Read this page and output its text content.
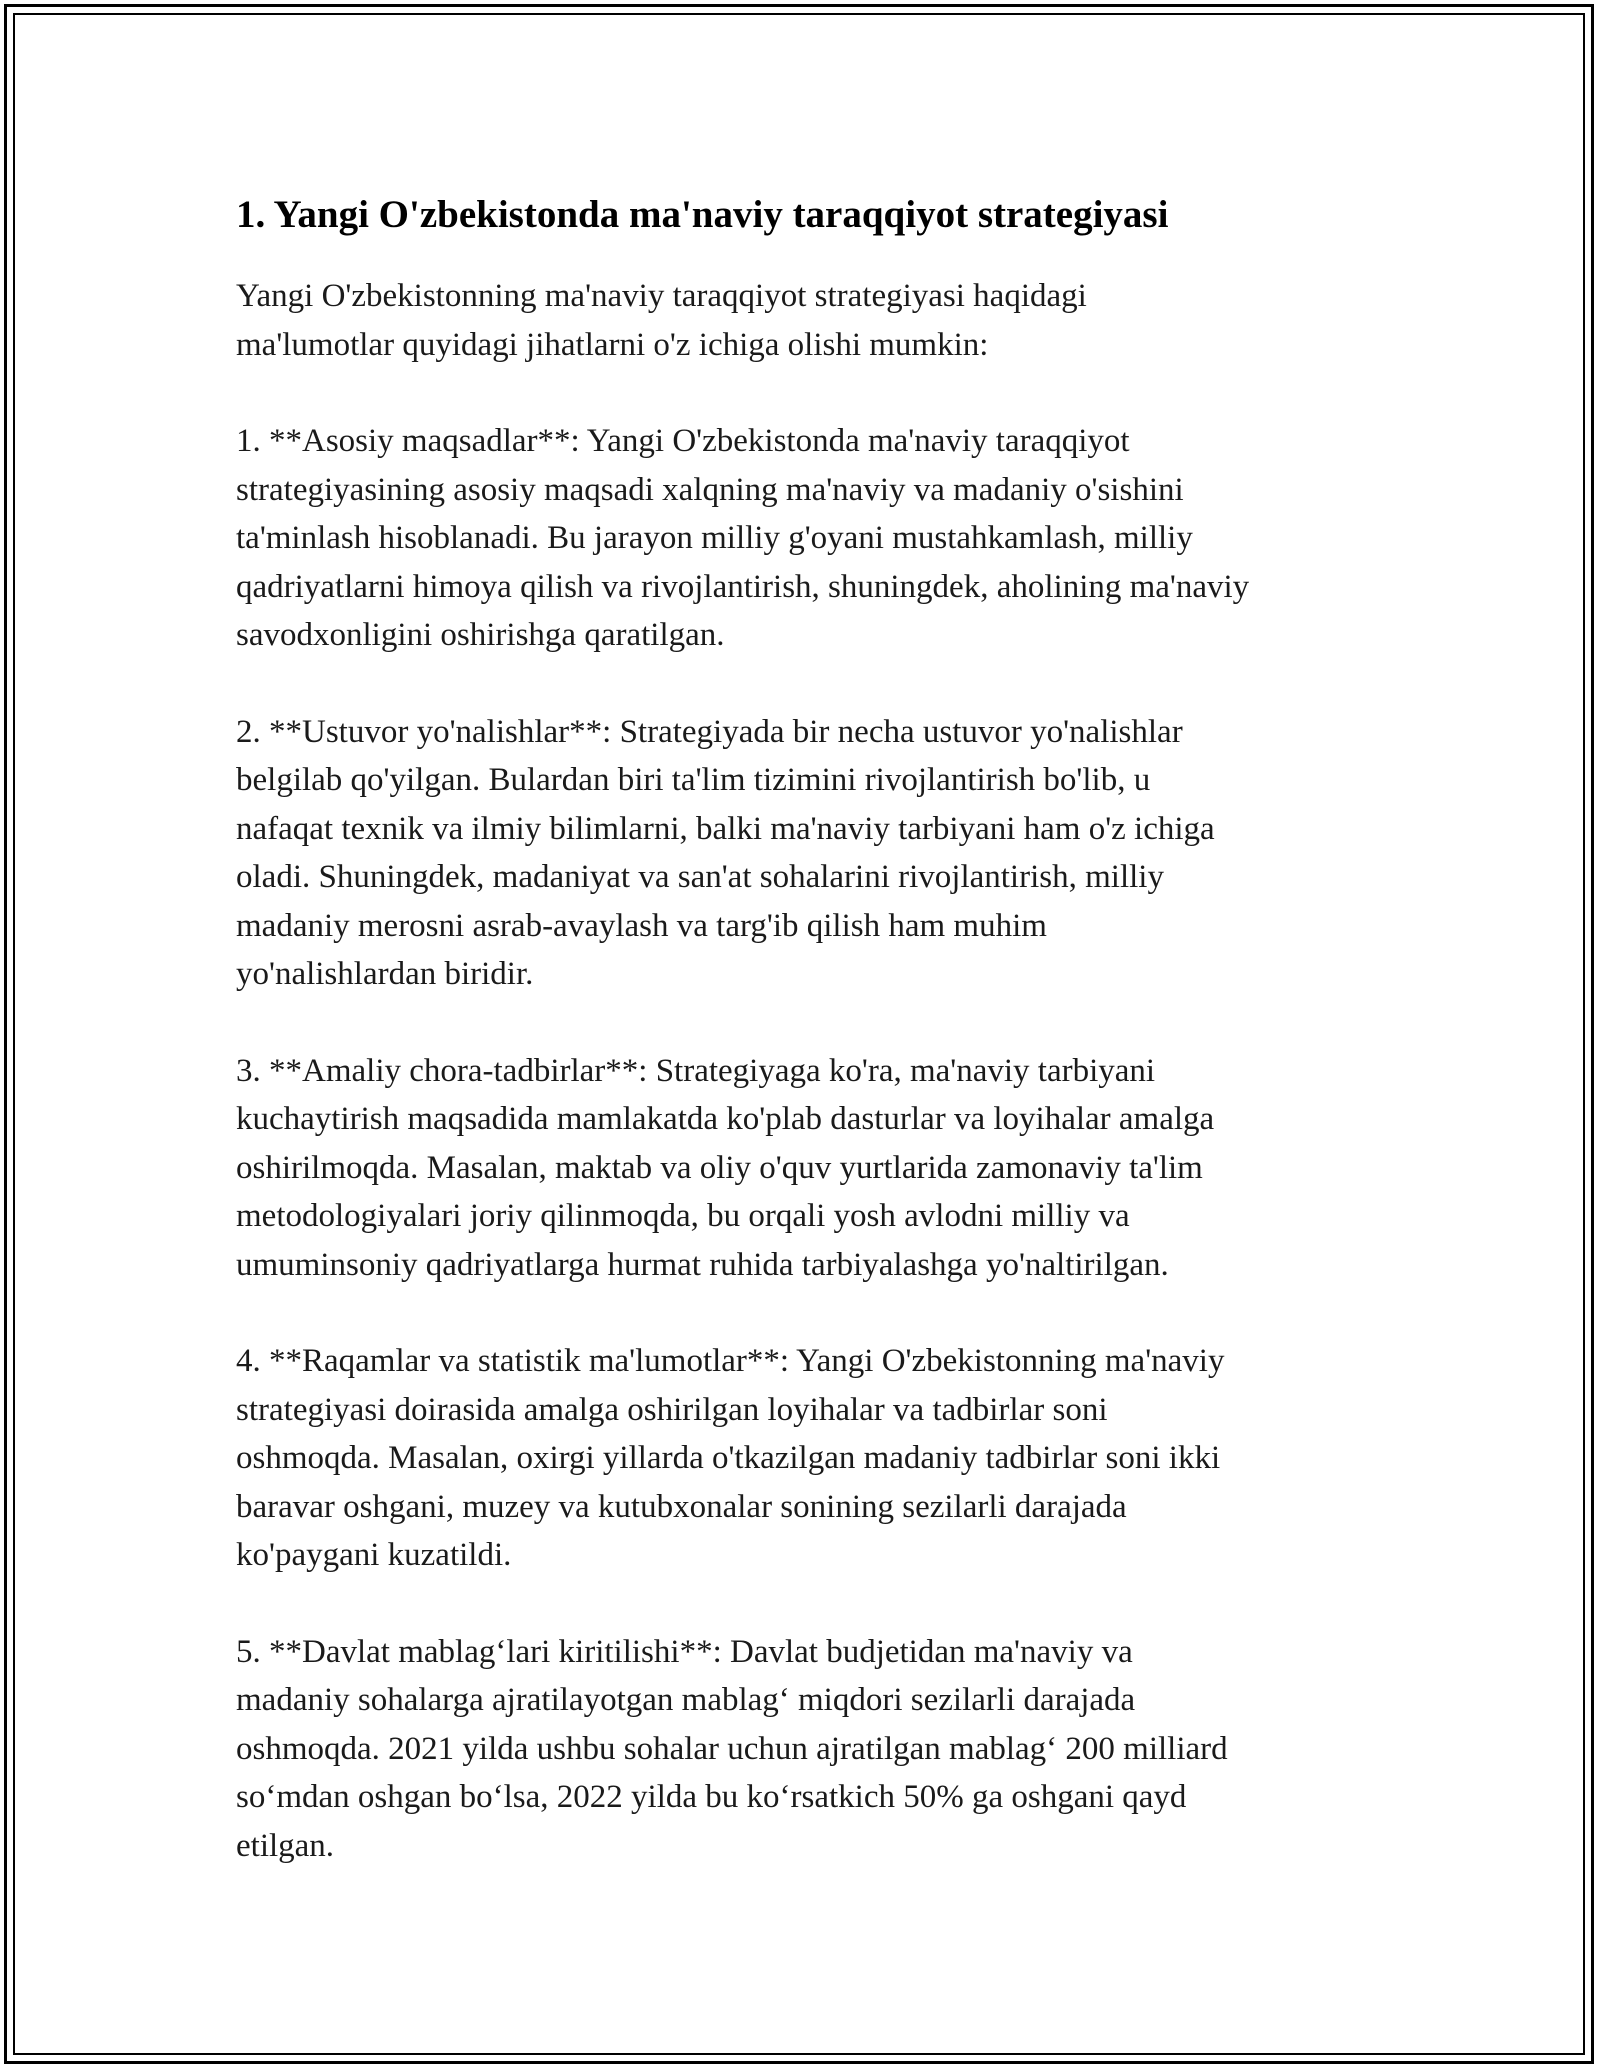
1. Yangi O'zbekistonda ma'naviy taraqqiyot strategiyasi

Yangi O'zbekistonning ma'naviy taraqqiyot strategiyasi haqidagi
ma'lumotlar quyidagi jihatlarni o'z ichiga olishi mumkin:

1. **Asosiy maqsadlar**: Yangi O'zbekistonda ma'naviy taraqqiyot
strategiyasining asosiy maqsadi xalqning ma'naviy va madaniy o'sishini
ta'minlash hisoblanadi. Bu jarayon milliy g'oyani mustahkamlash, milliy
qadriyatlarni himoya qilish va rivojlantirish, shuningdek, aholining ma'naviy
savodxonligini oshirishga qaratilgan.

2. **Ustuvor yo'nalishlar**: Strategiyada bir necha ustuvor yo'nalishlar
belgilab qo'yilgan. Bulardan biri ta'lim tizimini rivojlantirish bo'lib, u
nafaqat texnik va ilmiy bilimlarni, balki ma'naviy tarbiyani ham o'z ichiga
oladi. Shuningdek, madaniyat va san'at sohalarini rivojlantirish, milliy
madaniy merosni asrab-avaylash va targ'ib qilish ham muhim
yo'nalishlardan biridir.

3. **Amaliy chora-tadbirlar**: Strategiyaga ko'ra, ma'naviy tarbiyani
kuchaytirish maqsadida mamlakatda ko'plab dasturlar va loyihalar amalga
oshirilmoqda. Masalan, maktab va oliy o'quv yurtlarida zamonaviy ta'lim
metodologiyalari joriy qilinmoqda, bu orqali yosh avlodni milliy va
umuminsoniy qadriyatlarga hurmat ruhida tarbiyalashga yo'naltirilgan.

4. **Raqamlar va statistik ma'lumotlar**: Yangi O'zbekistonning ma'naviy
strategiyasi doirasida amalga oshirilgan loyihalar va tadbirlar soni
oshmoqda. Masalan, oxirgi yillarda o'tkazilgan madaniy tadbirlar soni ikki
baravar oshgani, muzey va kutubxonalar sonining sezilarli darajada
ko'paygani kuzatildi.

5. **Davlat mablag‘lari kiritilishi**: Davlat budjetidan ma'naviy va
madaniy sohalarga ajratilayotgan mablag‘ miqdori sezilarli darajada
oshmoqda. 2021 yilda ushbu sohalar uchun ajratilgan mablag‘ 200 milliard
so‘mdan oshgan bo‘lsa, 2022 yilda bu ko‘rsatkich 50% ga oshgani qayd
etilgan.
